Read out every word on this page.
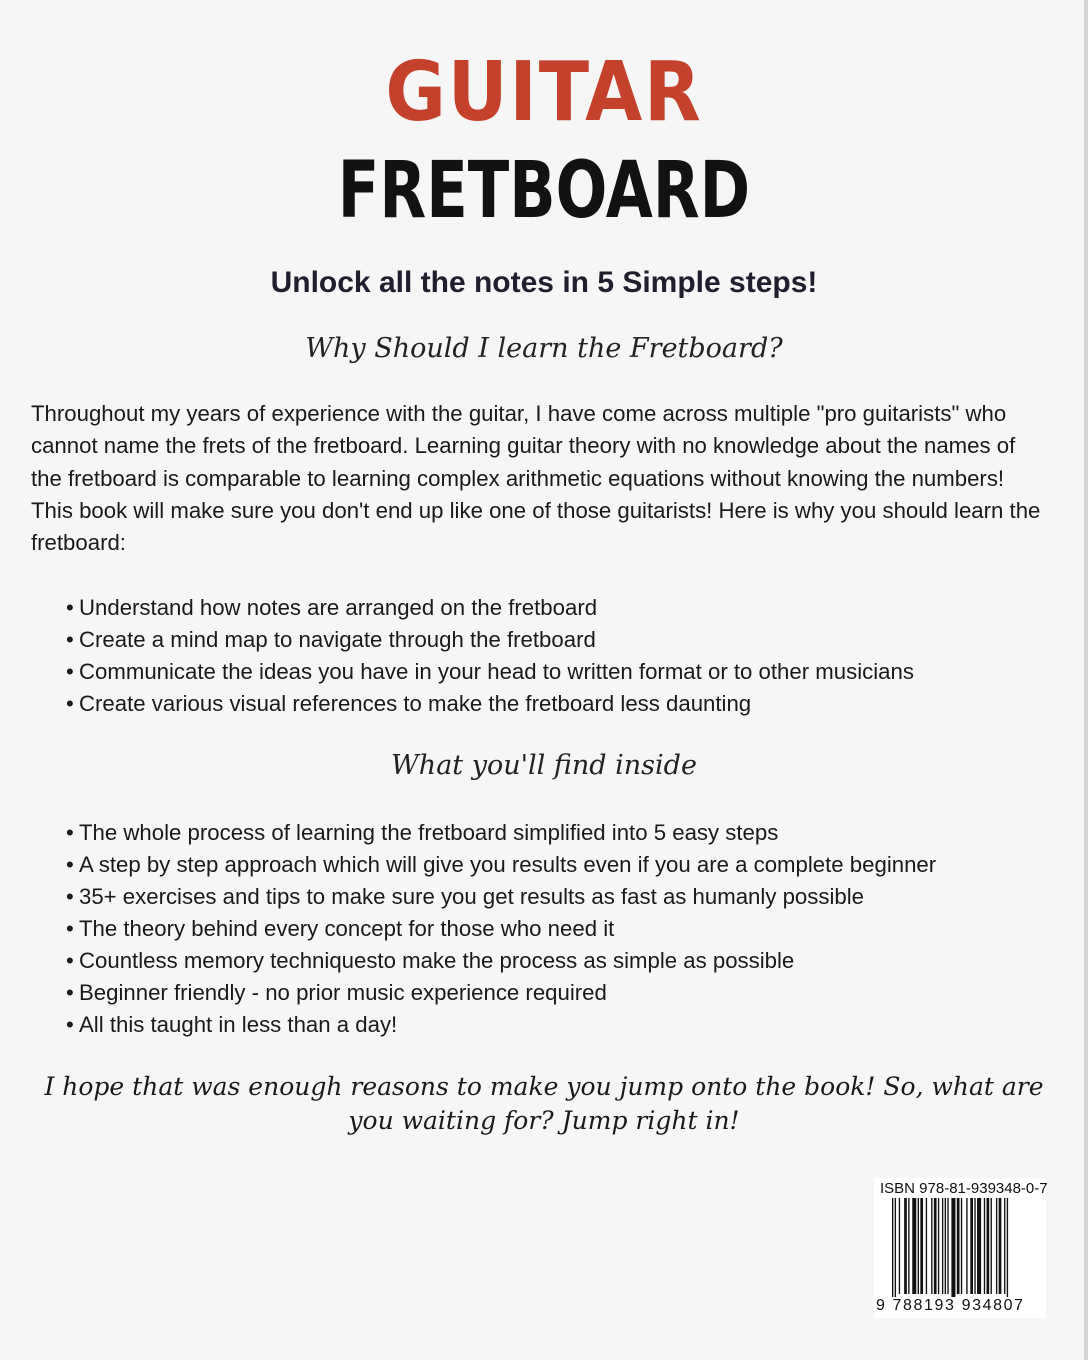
GUITAR
FRETBOARD
Unlock all the notes in 5 Simple steps!
Why Should I learn the Fretboard?

Throughout my years of experience with the guitar, I have come across multiple "pro guitarists" who cannot name the frets of the fretboard. Learning guitar theory with no knowledge about the names of the fretboard is comparable to learning complex arithmetic equations without knowing the numbers! This book will make sure you don't end up like one of those guitarists! Here is why you should learn the fretboard:

• Understand how notes are arranged on the fretboard
• Create a mind map to navigate through the fretboard
• Communicate the ideas you have in your head to written format or to other musicians
• Create various visual references to make the fretboard less daunting
What you'll find inside
• The whole process of learning the fretboard simplified into 5 easy steps
• A step by step approach which will give you results even if you are a complete beginner
• 35+ exercises and tips to make sure you get results as fast as humanly possible
• The theory behind every concept for those who need it
• Countless memory techniquesto make the process as simple as possible
• Beginner friendly - no prior music experience required
• All this taught in less than a day!

I hope that was enough reasons to make you jump onto the book! So, what are you waiting for? Jump right in!

ISBN 978-81-939348-0-7
9 788193 934807
